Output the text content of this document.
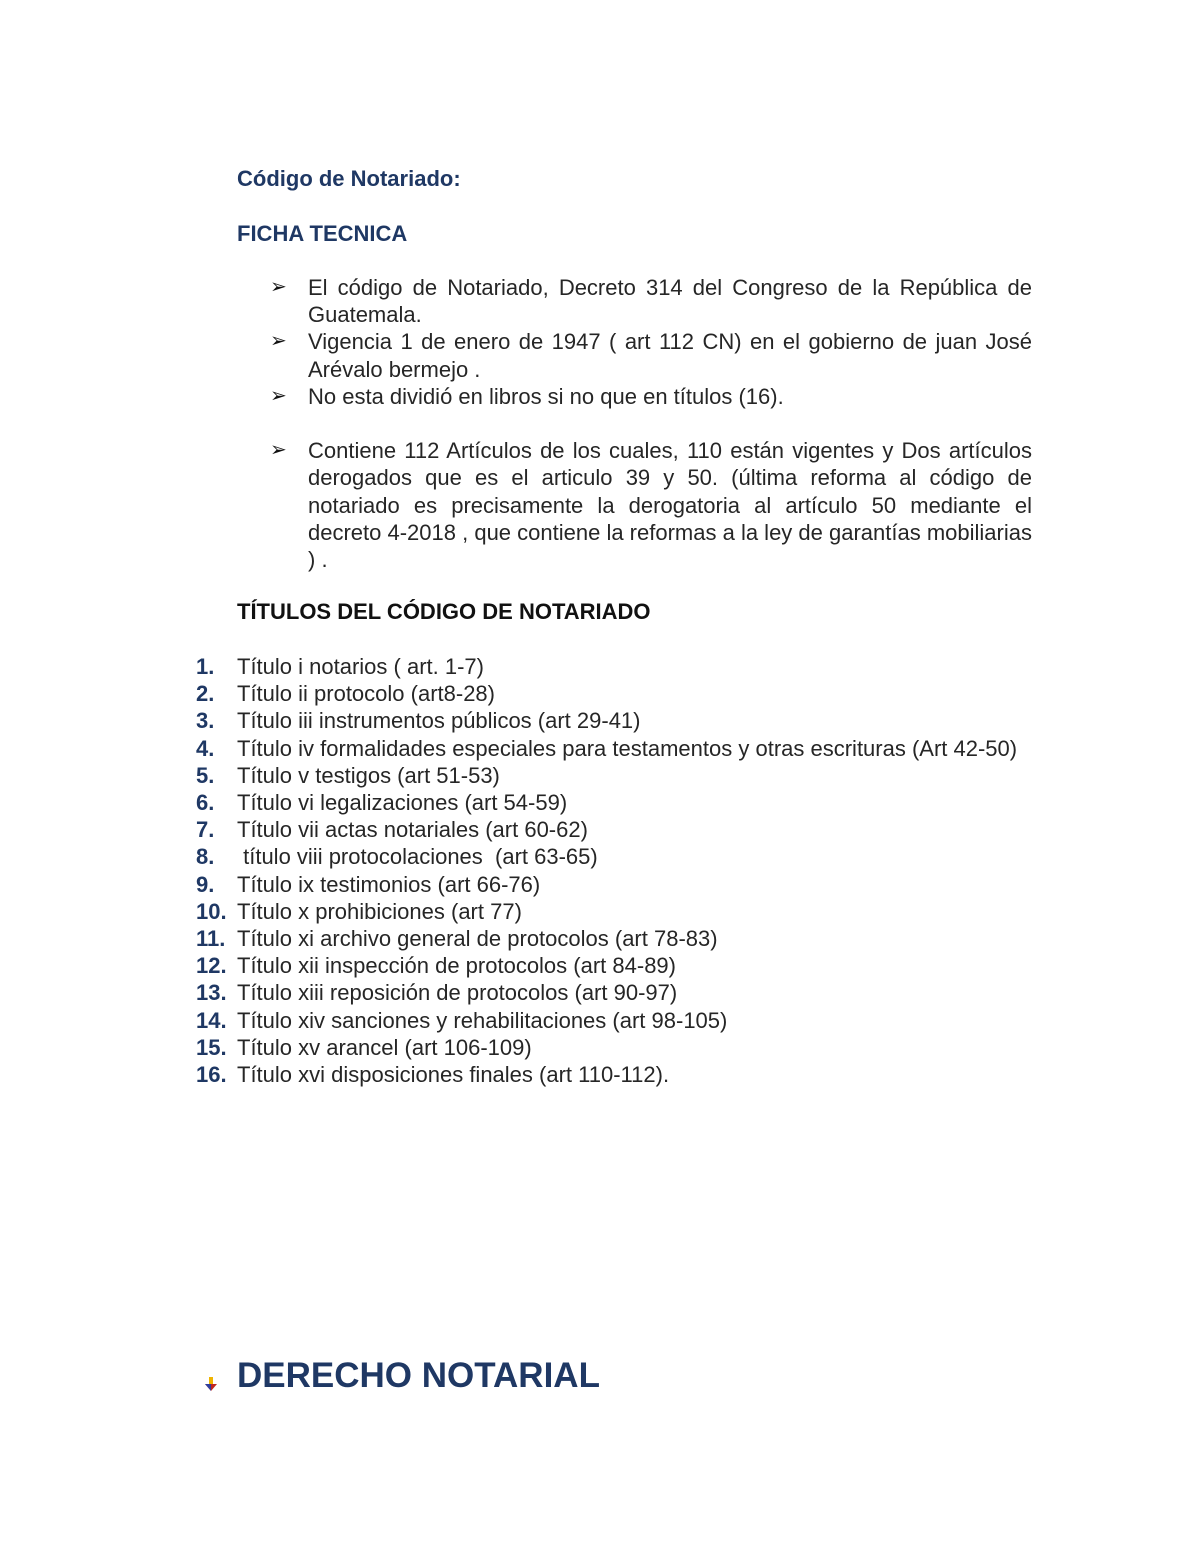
Código de Notariado:
FICHA TECNICA
➢ El código de Notariado, Decreto 314 del Congreso de la República de Guatemala.
➢ Vigencia 1 de enero de 1947 ( art 112 CN) en el gobierno de juan José Arévalo bermejo .
➢ No esta dividió en libros si no que en títulos (16).
➢ Contiene 112 Artículos de los cuales, 110 están vigentes y Dos artículos derogados que es el articulo 39 y 50. (última reforma al código de notariado es precisamente la derogatoria al artículo 50 mediante el decreto 4-2018 , que contiene la reformas a la ley de garantías mobiliarias ) .
TÍTULOS DEL CÓDIGO DE NOTARIADO
1.	Título i notarios ( art. 1-7)
2.	Título ii protocolo (art8-28)
3.	Título iii instrumentos públicos (art 29-41)
4.	Título iv formalidades especiales para testamentos y otras escrituras (Art 42-50)
5.	Título v testigos (art 51-53)
6.	Título vi legalizaciones (art 54-59)
7.	Título vii actas notariales (art 60-62)
8.	título viii protocolaciones  (art 63-65)
9.	Título ix testimonios (art 66-76)
10. Título x prohibiciones (art 77)
11. Título xi archivo general de protocolos (art 78-83)
12. Título xii inspección de protocolos (art 84-89)
13. Título xiii reposición de protocolos (art 90-97)
14. Título xiv sanciones y rehabilitaciones (art 98-105)
15. Título xv arancel (art 106-109)
16. Título xvi disposiciones finales (art 110-112).
DERECHO NOTARIAL
